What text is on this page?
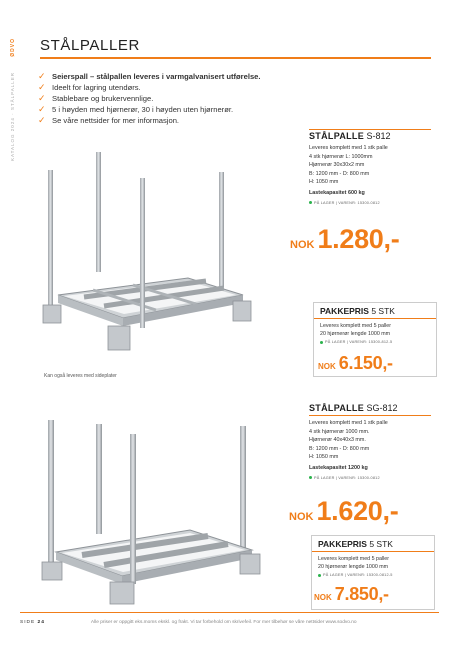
ØDVO
KATALOG 2024 · STÅLPALLER
STÅLPALLER
✓ Seierspall – stålpallen leveres i varmgalvanisert utførelse.
✓ Ideelt for lagring utendørs.
✓ Stablebare og brukervennlige.
✓ 5 i høyden med hjørnerør, 30 i høyden uten hjørnerør.
✓ Se våre nettsider for mer informasjon.
STÅLPALLE S-812
Leveres komplett med 1 stk palle
4 stk hjørnerør L: 1000mm
Hjørnerør 30x30x2 mm
B: 1200 mm - D: 800 mm
H: 1050 mm
Lastekapasitet 600 kg
PÅ LAGER | VARENR: 15300-0812
NOK 1.280,-
PAKKEPRIS 5 STK
Leveres komplett med 5 paller
20 hjørnerør lengde 1000 mm
PÅ LAGER | VARENR: 15300-812-5
NOK 6.150,-
Kan også leveres med sideplater
STÅLPALLE SG-812
Leveres komplett med 1 stk palle
4 stk hjørnerør 1000 mm.
Hjørnerør 40x40x3 mm.
B: 1200 mm - D: 800 mm
H: 1050 mm
Lastekapasitet 1200 kg
PÅ LAGER | VARENR: 15300-0812
NOK 1.620,-
PAKKEPRIS 5 STK
Leveres komplett med 5 paller
20 hjørnerør lengde 1000 mm
PÅ LAGER | VARENR: 15300-0812-5
NOK 7.850,-
SIDE 24	Alle priser er oppgitt eks.moms ekskl. og frakt. Vi tar forbehold om skrivefeil. For mer tilbehør se våre nettsider www.sodvo.no
